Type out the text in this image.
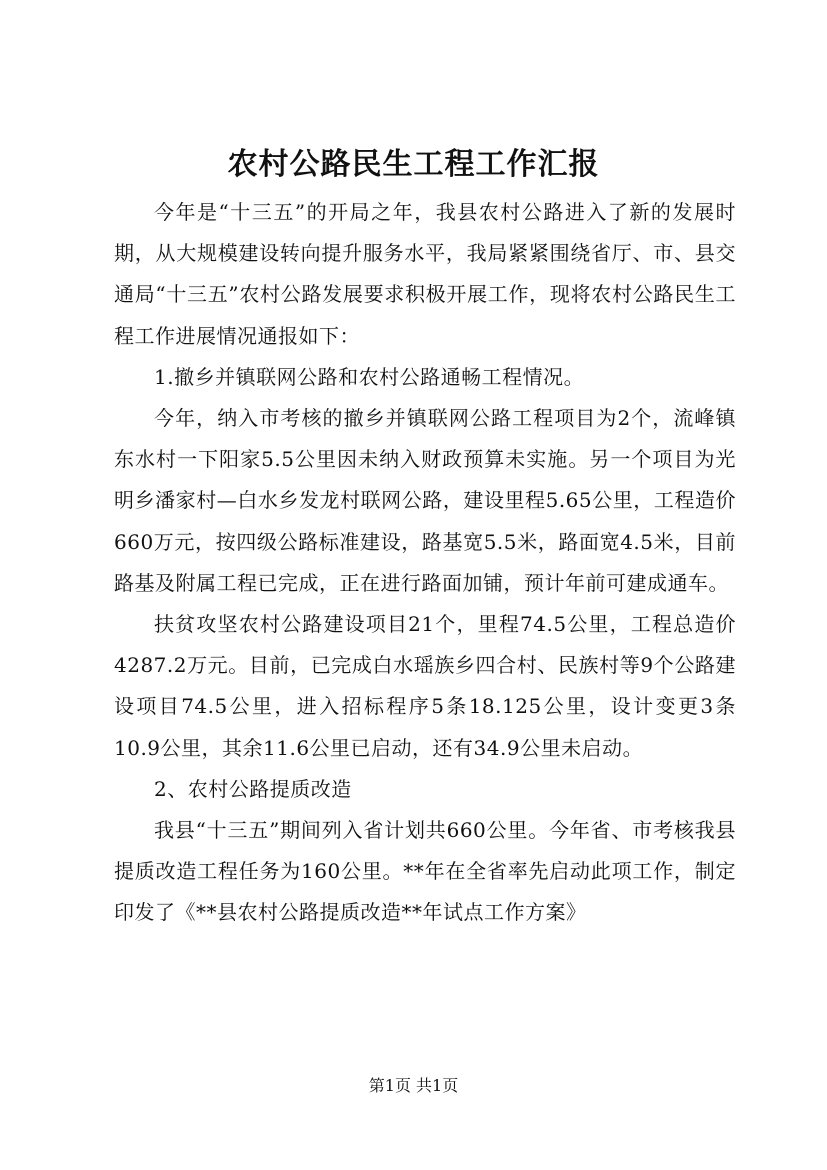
农村公路民生工程工作汇报

今年是“十三五”的开局之年，我县农村公路进入了新的发展时期，从大规模建设转向提升服务水平，我局紧紧围绕省厅、市、县交通局“十三五”农村公路发展要求积极开展工作，现将农村公路民生工程工作进展情况通报如下：

1.撤乡并镇联网公路和农村公路通畅工程情况。

今年，纳入市考核的撤乡并镇联网公路工程项目为2个，流峰镇东水村一下阳家5.5公里因未纳入财政预算未实施。另一个项目为光明乡潘家村—白水乡发龙村联网公路，建设里程5.65公里，工程造价660万元，按四级公路标准建设，路基宽5.5米，路面宽4.5米，目前路基及附属工程已完成，正在进行路面加铺，预计年前可建成通车。

扶贫攻坚农村公路建设项目21个，里程74.5公里，工程总造价4287.2万元。目前，已完成白水瑶族乡四合村、民族村等9个公路建设项目74.5公里，进入招标程序5条18.125公里，设计变更3条10.9公里，其余11.6公里已启动，还有34.9公里未启动。

2、农村公路提质改造

我县“十三五”期间列入省计划共660公里。今年省、市考核我县提质改造工程任务为160公里。**年在全省率先启动此项工作，制定印发了《**县农村公路提质改造**年试点工作方案》

第1页 共1页
